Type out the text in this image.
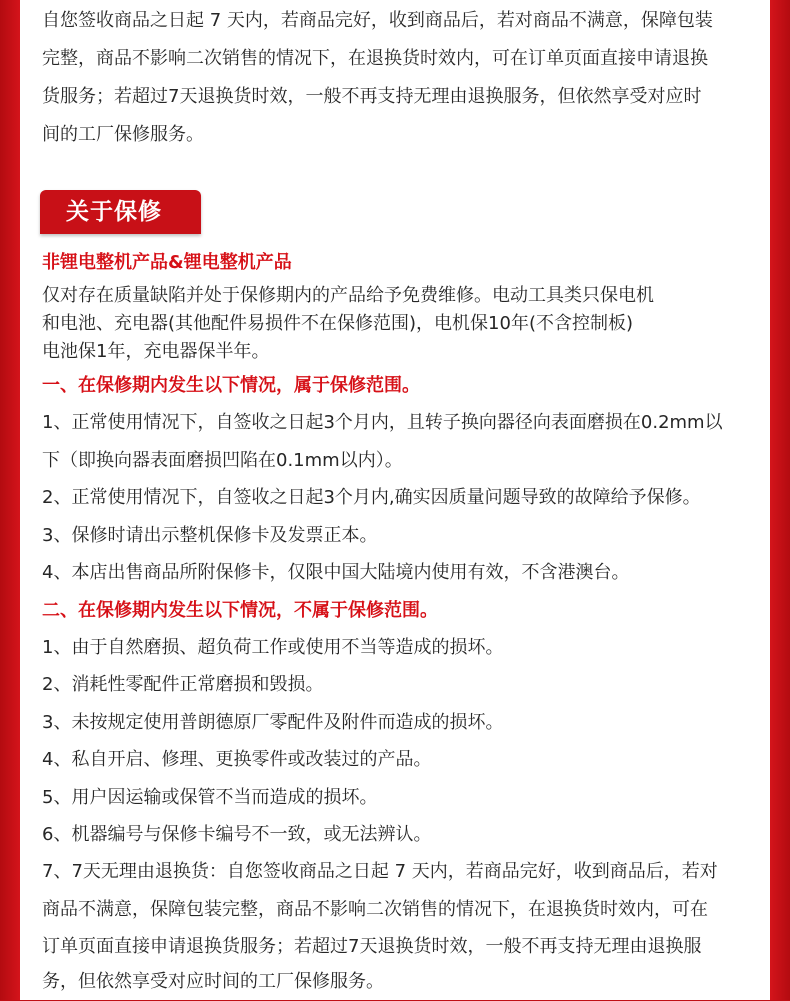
自您签收商品之日起 7 天内，若商品完好，收到商品后，若对商品不满意，保障包装

完整，商品不影响二次销售的情况下，在退换货时效内，可在订单页面直接申请退换

货服务；若超过7天退换货时效，一般不再支持无理由退换服务，但依然享受对应时

间的工厂保修服务。

关于保修

非锂电整机产品&锂电整机产品

仅对存在质量缺陷并处于保修期内的产品给予免费维修。电动工具类只保电机

和电池、充电器(其他配件易损件不在保修范围)，电机保10年(不含控制板)

电池保1年，充电器保半年。

一、在保修期内发生以下情况，属于保修范围。

1、正常使用情况下，自签收之日起3个月内，且转子换向器径向表面磨损在0.2mm以

下（即换向器表面磨损凹陷在0.1mm以内）。

2、正常使用情况下，自签收之日起3个月内,确实因质量问题导致的故障给予保修。

3、保修时请出示整机保修卡及发票正本。

4、本店出售商品所附保修卡，仅限中国大陆境内使用有效，不含港澳台。

二、在保修期内发生以下情况，不属于保修范围。

1、由于自然磨损、超负荷工作或使用不当等造成的损坏。

2、消耗性零配件正常磨损和毁损。

3、未按规定使用普朗德原厂零配件及附件而造成的损坏。

4、私自开启、修理、更换零件或改装过的产品。

5、用户因运输或保管不当而造成的损坏。

6、机器编号与保修卡编号不一致，或无法辨认。

7、7天无理由退换货：自您签收商品之日起 7 天内，若商品完好，收到商品后，若对

商品不满意，保障包装完整，商品不影响二次销售的情况下，在退换货时效内，可在

订单页面直接申请退换货服务；若超过7天退换货时效，一般不再支持无理由退换服

务，但依然享受对应时间的工厂保修服务。
